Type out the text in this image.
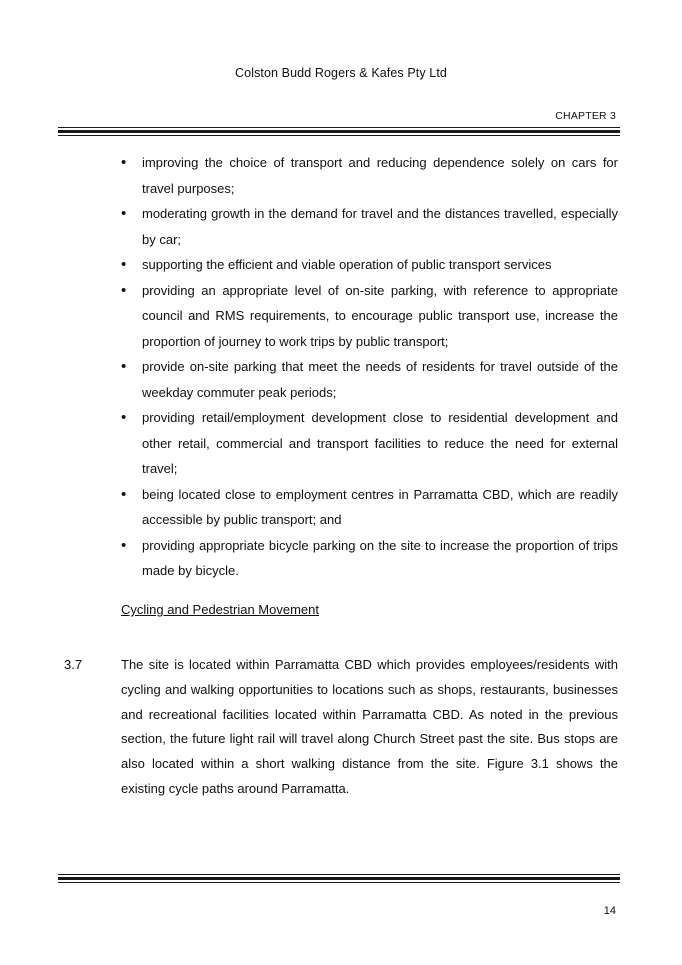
Colston Budd Rogers & Kafes Pty Ltd
CHAPTER 3
• improving the choice of transport and reducing dependence solely on cars for travel purposes;
• moderating growth in the demand for travel and the distances travelled, especially by car;
• supporting the efficient and viable operation of public transport services
• providing an appropriate level of on-site parking, with reference to appropriate council and RMS requirements, to encourage public transport use, increase the proportion of journey to work trips by public transport;
• provide on-site parking that meet the needs of residents for travel outside of the weekday commuter peak periods;
• providing retail/employment development close to residential development and other retail, commercial and transport facilities to reduce the need for external travel;
• being located close to employment centres in Parramatta CBD, which are readily accessible by public transport; and
• providing appropriate bicycle parking on the site to increase the proportion of trips made by bicycle.
Cycling and Pedestrian Movement
3.7	The site is located within Parramatta CBD which provides employees/residents with cycling and walking opportunities to locations such as shops, restaurants, businesses and recreational facilities located within Parramatta CBD. As noted in the previous section, the future light rail will travel along Church Street past the site. Bus stops are also located within a short walking distance from the site. Figure 3.1 shows the existing cycle paths around Parramatta.

14
